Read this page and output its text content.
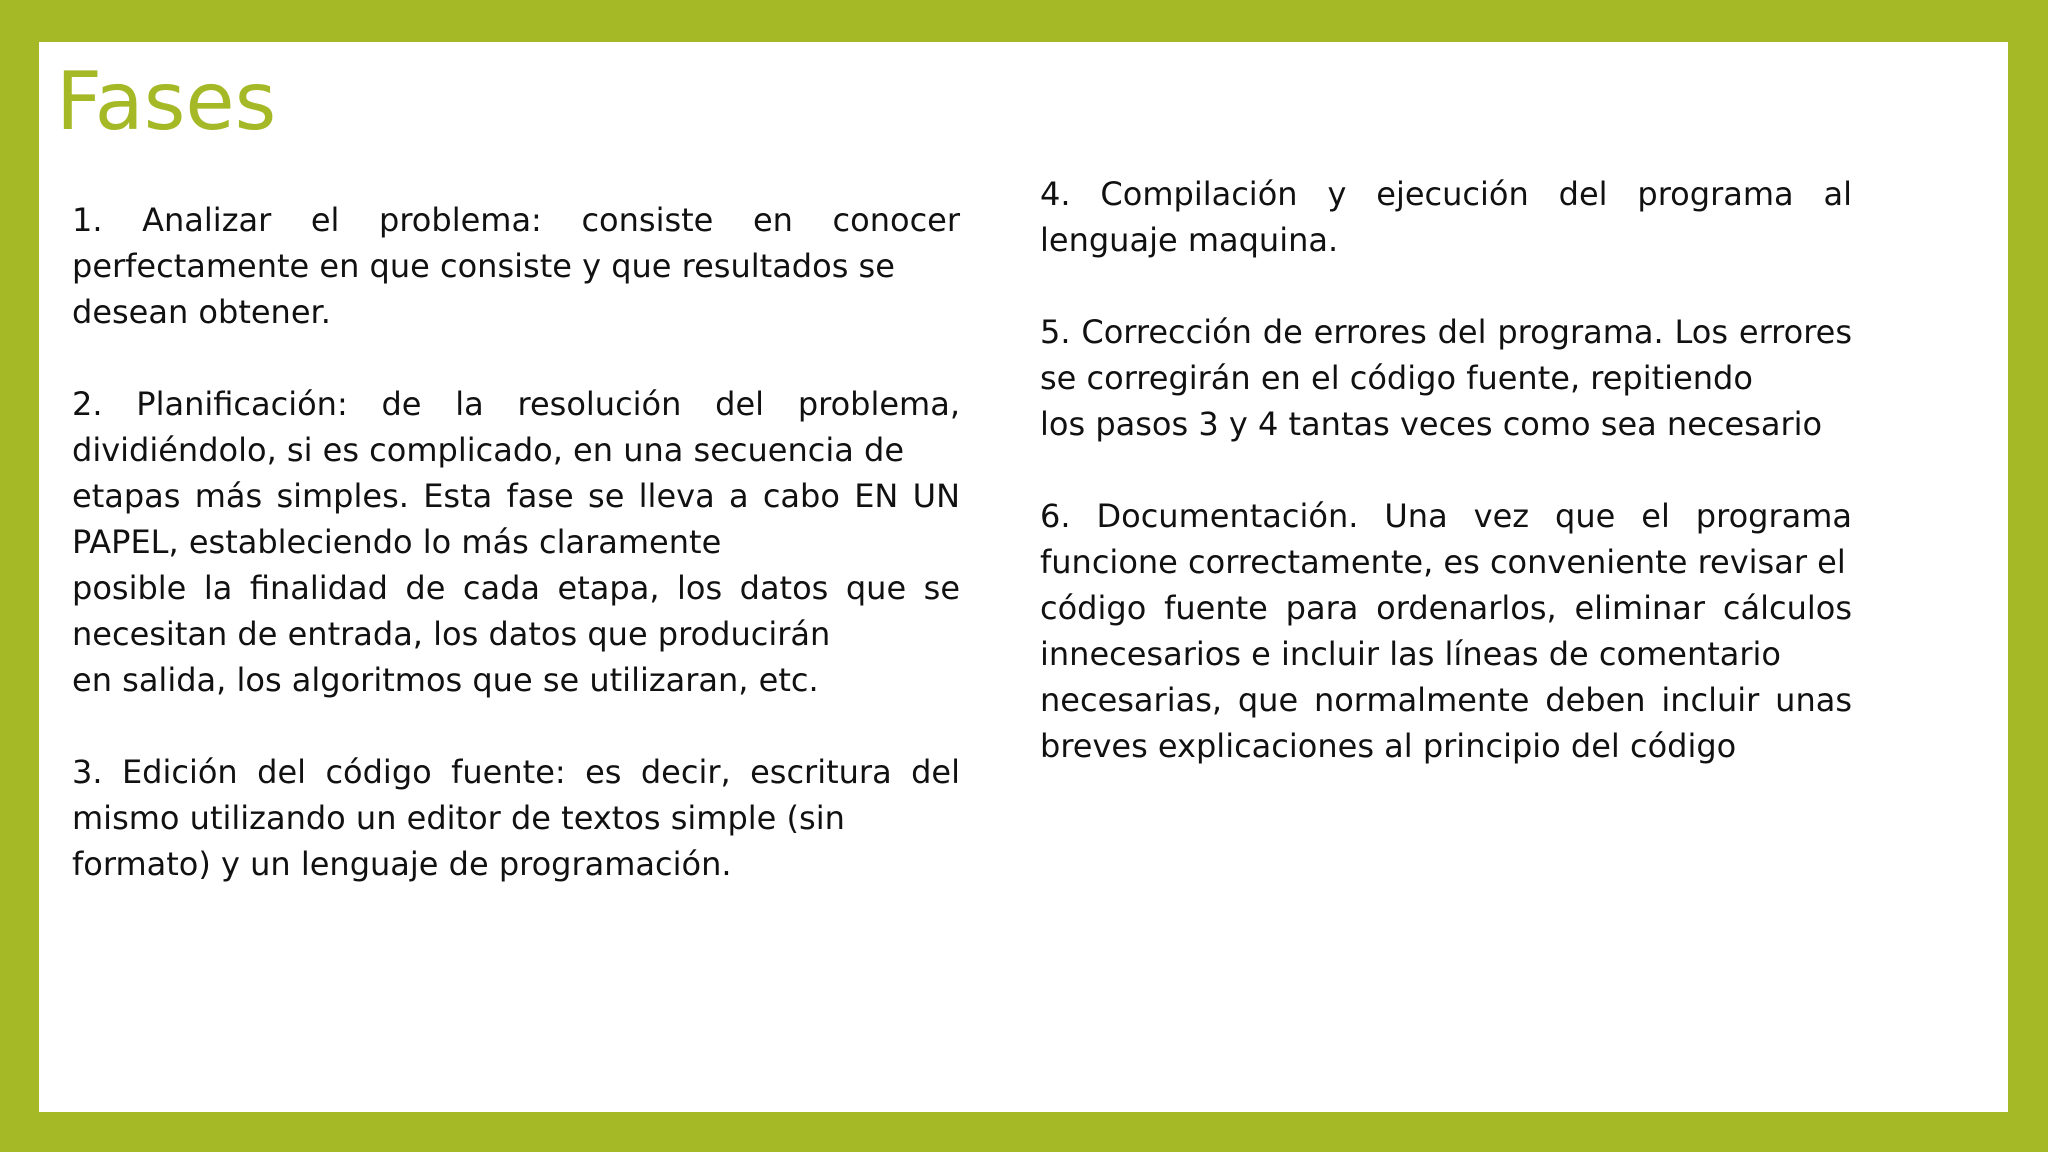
Fases

1. Analizar el problema: consiste en conocer
perfectamente en que consiste y que resultados se
desean obtener.

2. Planificación: de la resolución del problema,
dividiéndolo, si es complicado, en una secuencia de
etapas más simples. Esta fase se lleva a cabo EN UN
PAPEL, estableciendo lo más claramente
posible la finalidad de cada etapa, los datos que se
necesitan de entrada, los datos que producirán
en salida, los algoritmos que se utilizaran, etc.

3. Edición del código fuente: es decir, escritura del
mismo utilizando un editor de textos simple (sin
formato) y un lenguaje de programación.

4. Compilación y ejecución del programa al
lenguaje maquina.

5. Corrección de errores del programa. Los errores
se corregirán en el código fuente, repitiendo
los pasos 3 y 4 tantas veces como sea necesario

6. Documentación. Una vez que el programa
funcione correctamente, es conveniente revisar el
código fuente para ordenarlos, eliminar cálculos
innecesarios e incluir las líneas de comentario
necesarias, que normalmente deben incluir unas
breves explicaciones al principio del código
